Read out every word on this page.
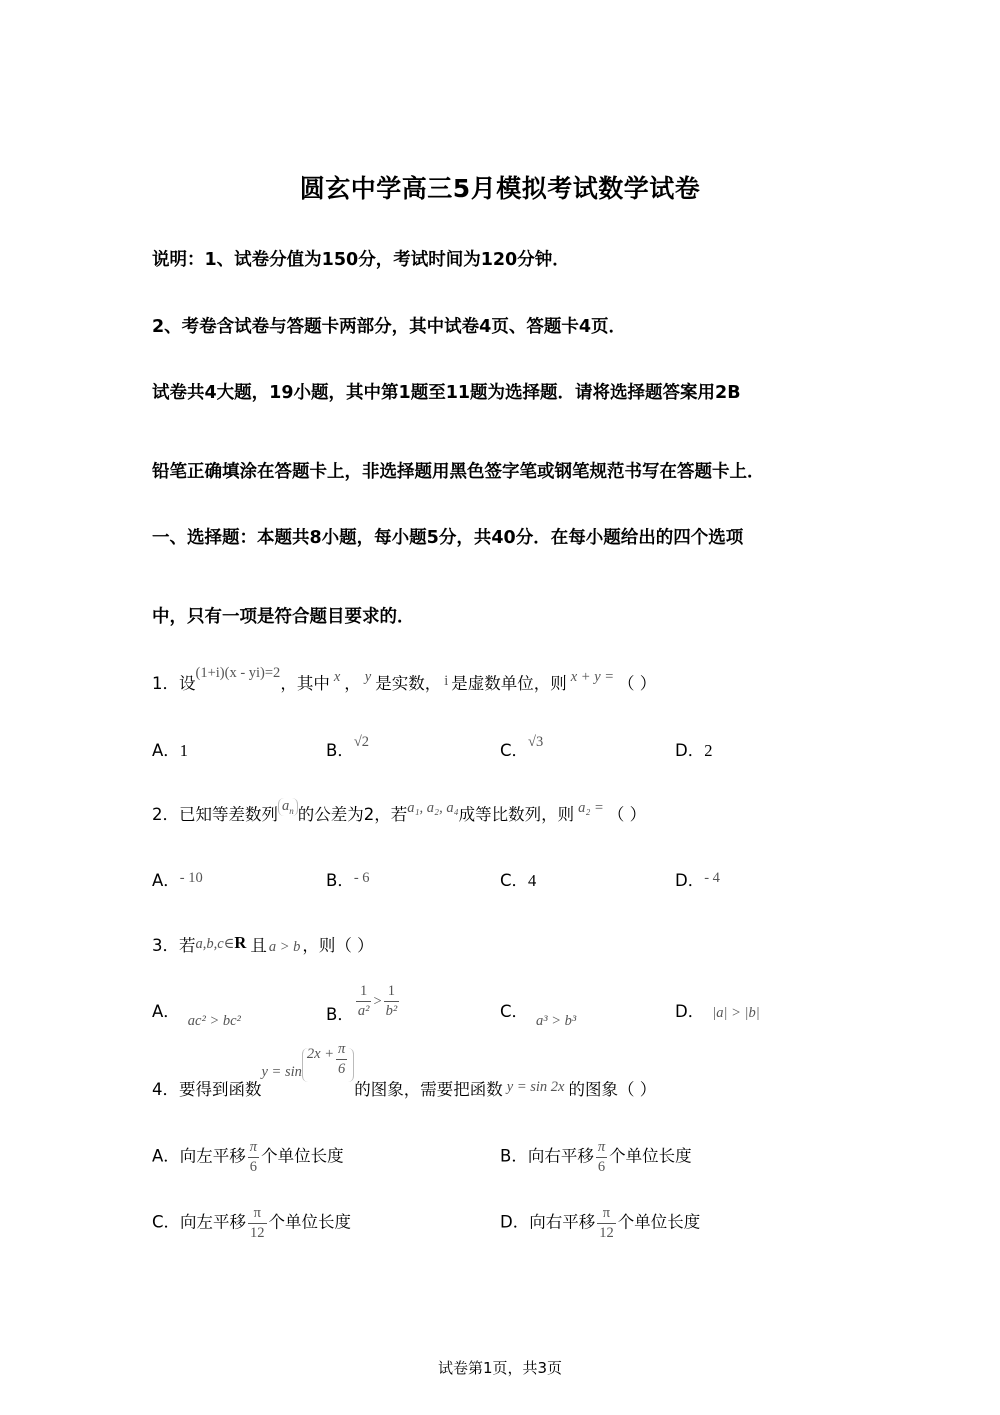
圆玄中学高三5月模拟考试数学试卷
说明：1、试卷分值为150分，考试时间为120分钟．
2、考卷含试卷与答题卡两部分，其中试卷4页、答题卡4页．
试卷共4大题，19小题，其中第1题至11题为选择题．请将选择题答案用2B
铅笔正确填涂在答题卡上，非选择题用黑色签字笔或钢笔规范书写在答题卡上．
一、选择题：本题共8小题，每小题5分，共40分．在每小题给出的四个选项
中，只有一项是符合题目要求的．
1．设(1+i)(x - yi)=2，其中 x ， y 是实数， i 是虚数单位，则 x + y = （ ）
A．1	B．√2	C．√3	D．2
2．已知等差数列 $a_n$ 的公差为2，若a₁, a₂, a₄成等比数列，则 a₂ = （ ）
A．- 10	B．- 6	C．4	D．- 4
3．若a,b,c∈R 且 a > b ，则（ ）
A． ac² > bc²	B． $\frac{1}{\text{a²}} > \frac{1}{\text{b²}}$	C． a³ > b³	D． |a| > |b|
4．要得到函数$y = \sin 2x + \frac{\pi}{6}$
的图象，需要把函数 y = sin 2x 的图象（ ）
A．向左平移 $\frac{\pi}{6}$ 个单位长度	B．向右平移 $\frac{\pi}{6}$ 个单位长度
C．向左平移 $\frac{\pi}{12}$ 个单位长度	D．向右平移 $\frac{\pi}{12}$ 个单位长度
试卷第1页，共3页
